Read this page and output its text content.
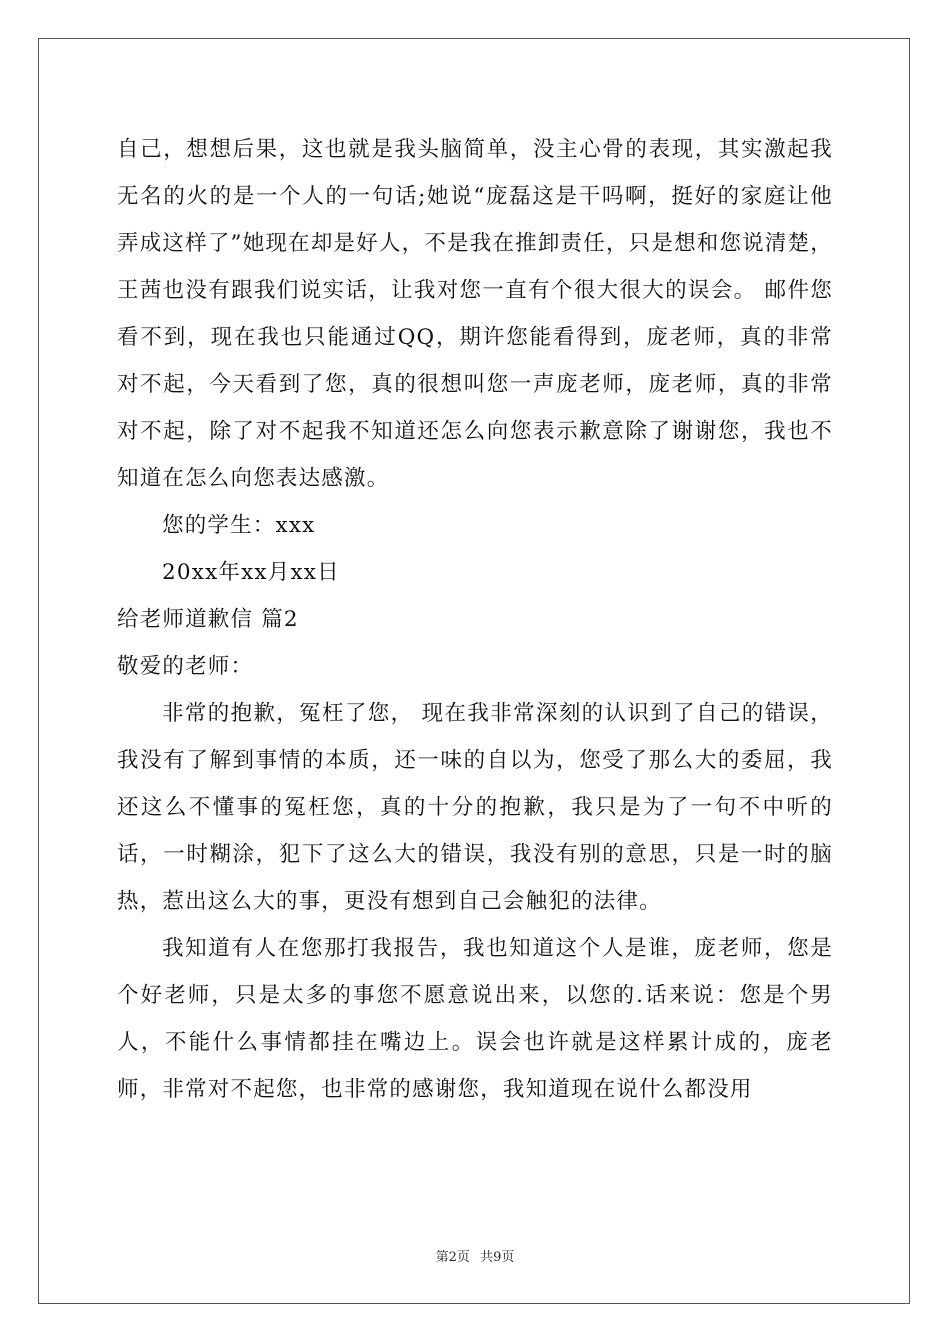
自己，想想后果，这也就是我头脑简单，没主心骨的表现，其实激起我无名的火的是一个人的一句话;她说“庞磊这是干吗啊，挺好的家庭让他弄成这样了”她现在却是好人，不是我在推卸责任，只是想和您说清楚，王茜也没有跟我们说实话，让我对您一直有个很大很大的误会。 邮件您看不到，现在我也只能通过QQ，期许您能看得到，庞老师，真的非常对不起，今天看到了您，真的很想叫您一声庞老师，庞老师，真的非常对不起，除了对不起我不知道还怎么向您表示歉意除了谢谢您，我也不知道在怎么向您表达感激。

您的学生：xxx

20xx年xx月xx日

给老师道歉信 篇2

敬爱的老师：

非常的抱歉，冤枉了您， 现在我非常深刻的认识到了自己的错误，我没有了解到事情的本质，还一味的自以为，您受了那么大的委屈，我还这么不懂事的冤枉您，真的十分的抱歉，我只是为了一句不中听的话，一时糊涂，犯下了这么大的错误，我没有别的意思，只是一时的脑热，惹出这么大的事，更没有想到自己会触犯的法律。

我知道有人在您那打我报告，我也知道这个人是谁，庞老师，您是个好老师，只是太多的事您不愿意说出来，以您的.话来说：您是个男人，不能什么事情都挂在嘴边上。误会也许就是这样累计成的，庞老师，非常对不起您，也非常的感谢您，我知道现在说什么都没用

第2页 共9页
